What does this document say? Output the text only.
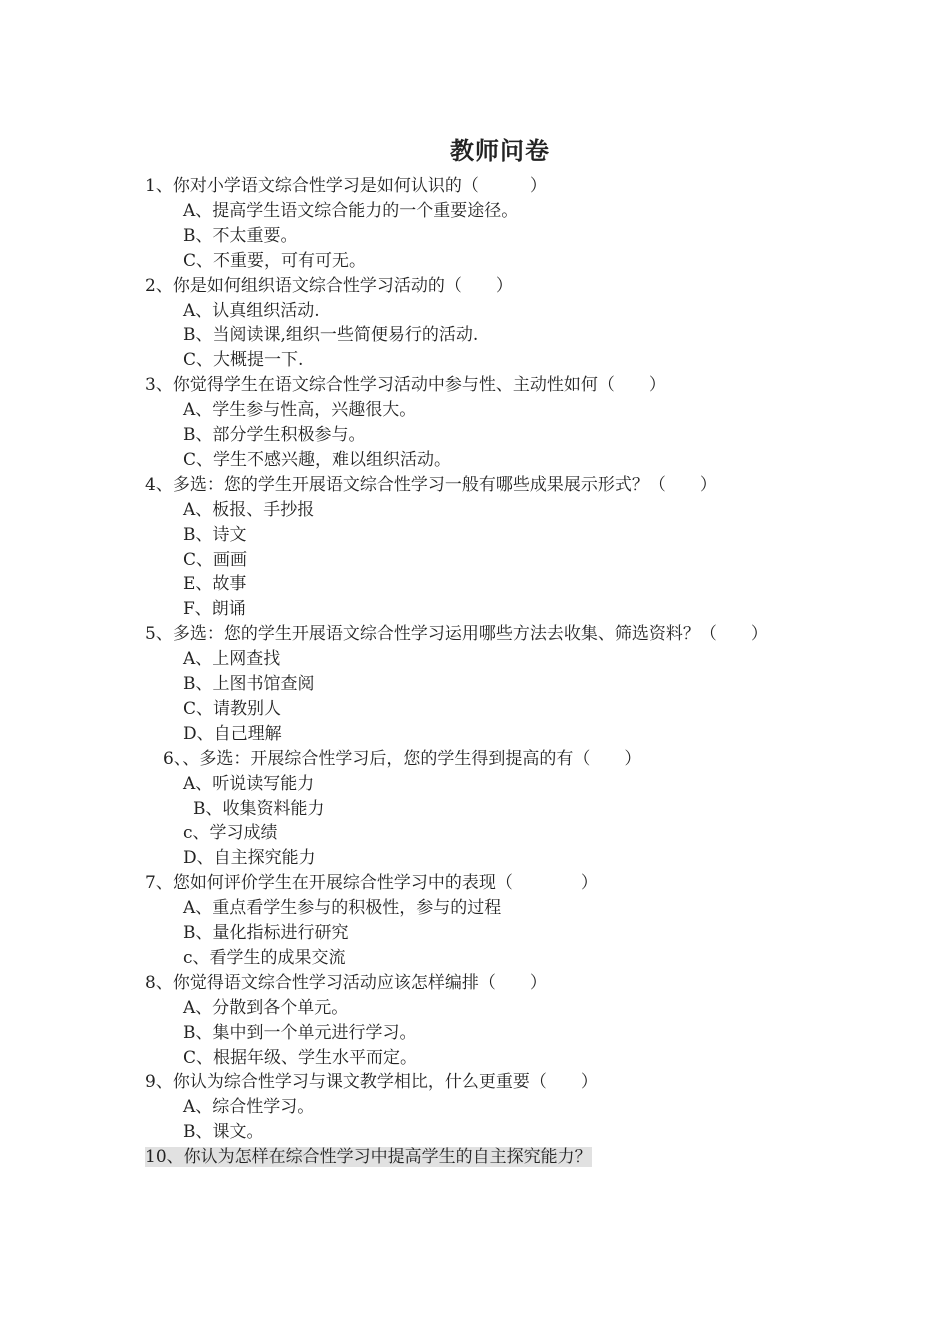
教师问卷
1、你对小学语文综合性学习是如何认识的（　　　）
A、提高学生语文综合能力的一个重要途径。
B、不太重要。
C、不重要，可有可无。
2、你是如何组织语文综合性学习活动的（　　）
A、认真组织活动.
B、当阅读课,组织一些简便易行的活动.
C、大概提一下.
3、你觉得学生在语文综合性学习活动中参与性、主动性如何（　　）
A、学生参与性高，兴趣很大。
B、部分学生积极参与。
C、学生不感兴趣，难以组织活动。
4、多选：您的学生开展语文综合性学习一般有哪些成果展示形式？（　　）
A、板报、手抄报
B、诗文
C、画画
E、故事
F、朗诵
5、多选：您的学生开展语文综合性学习运用哪些方法去收集、筛选资料？（　　）
A、上网查找
B、上图书馆查阅
C、请教别人
D、自己理解
6、、多选：开展综合性学习后，您的学生得到提高的有（　　）
A、听说读写能力
B、收集资料能力
c、学习成绩
D、自主探究能力
7、您如何评价学生在开展综合性学习中的表现（　　　　）
A、重点看学生参与的积极性，参与的过程
B、量化指标进行研究
c、看学生的成果交流
8、你觉得语文综合性学习活动应该怎样编排（　　）
A、分散到各个单元。
B、集中到一个单元进行学习。
C、根据年级、学生水平而定。
9、你认为综合性学习与课文教学相比，什么更重要（　　）
A、综合性学习。
B、课文。
10、你认为怎样在综合性学习中提高学生的自主探究能力？
